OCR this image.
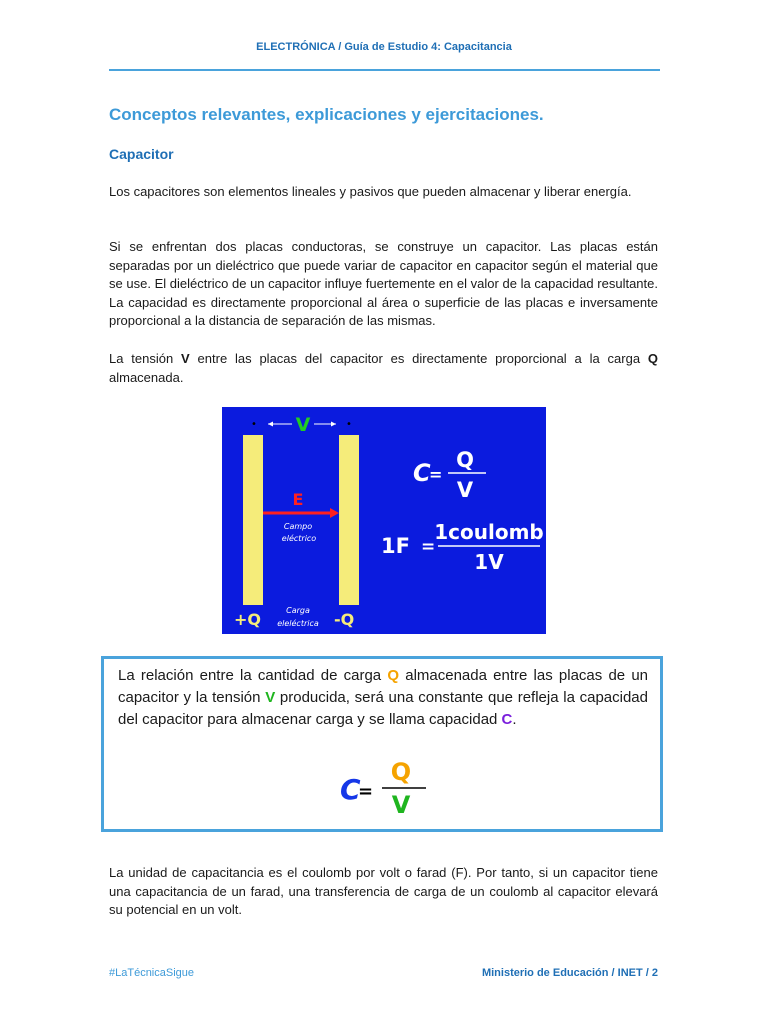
ELECTRÓNICA / Guía de Estudio 4: Capacitancia
Conceptos relevantes, explicaciones y ejercitaciones.
Capacitor
Los capacitores son elementos lineales y pasivos que pueden almacenar y liberar energía.
Si se enfrentan dos placas conductoras, se construye un capacitor. Las placas están separadas por un dieléctrico que puede variar de capacitor en capacitor según el material que se use. El dieléctrico de un capacitor influye fuertemente en el valor de la capacidad resultante. La capacidad es directamente proporcional al área o superficie de las placas e inversamente proporcional a la distancia de separación de las mismas.
La tensión V entre las placas del capacitor es directamente proporcional a la carga Q almacenada.
•	•
V
E
Campo
eléctrico
Carga
eleléctrica
+Q	-Q
C
=
Q
V
1F =
1coulomb
1V
La relación entre la cantidad de carga Q almacenada entre las placas de un capacitor y la tensión V producida, será una constante que refleja la capacidad del capacitor para almacenar carga y se llama capacidad C.
C
=
Q
V
La unidad de capacitancia es el coulomb por volt o farad (F). Por tanto, si un capacitor tiene una capacitancia de un farad, una transferencia de carga de un coulomb al capacitor elevará su potencial en un volt.
#LaTécnicaSigue	Ministerio de Educación / INET / 2
